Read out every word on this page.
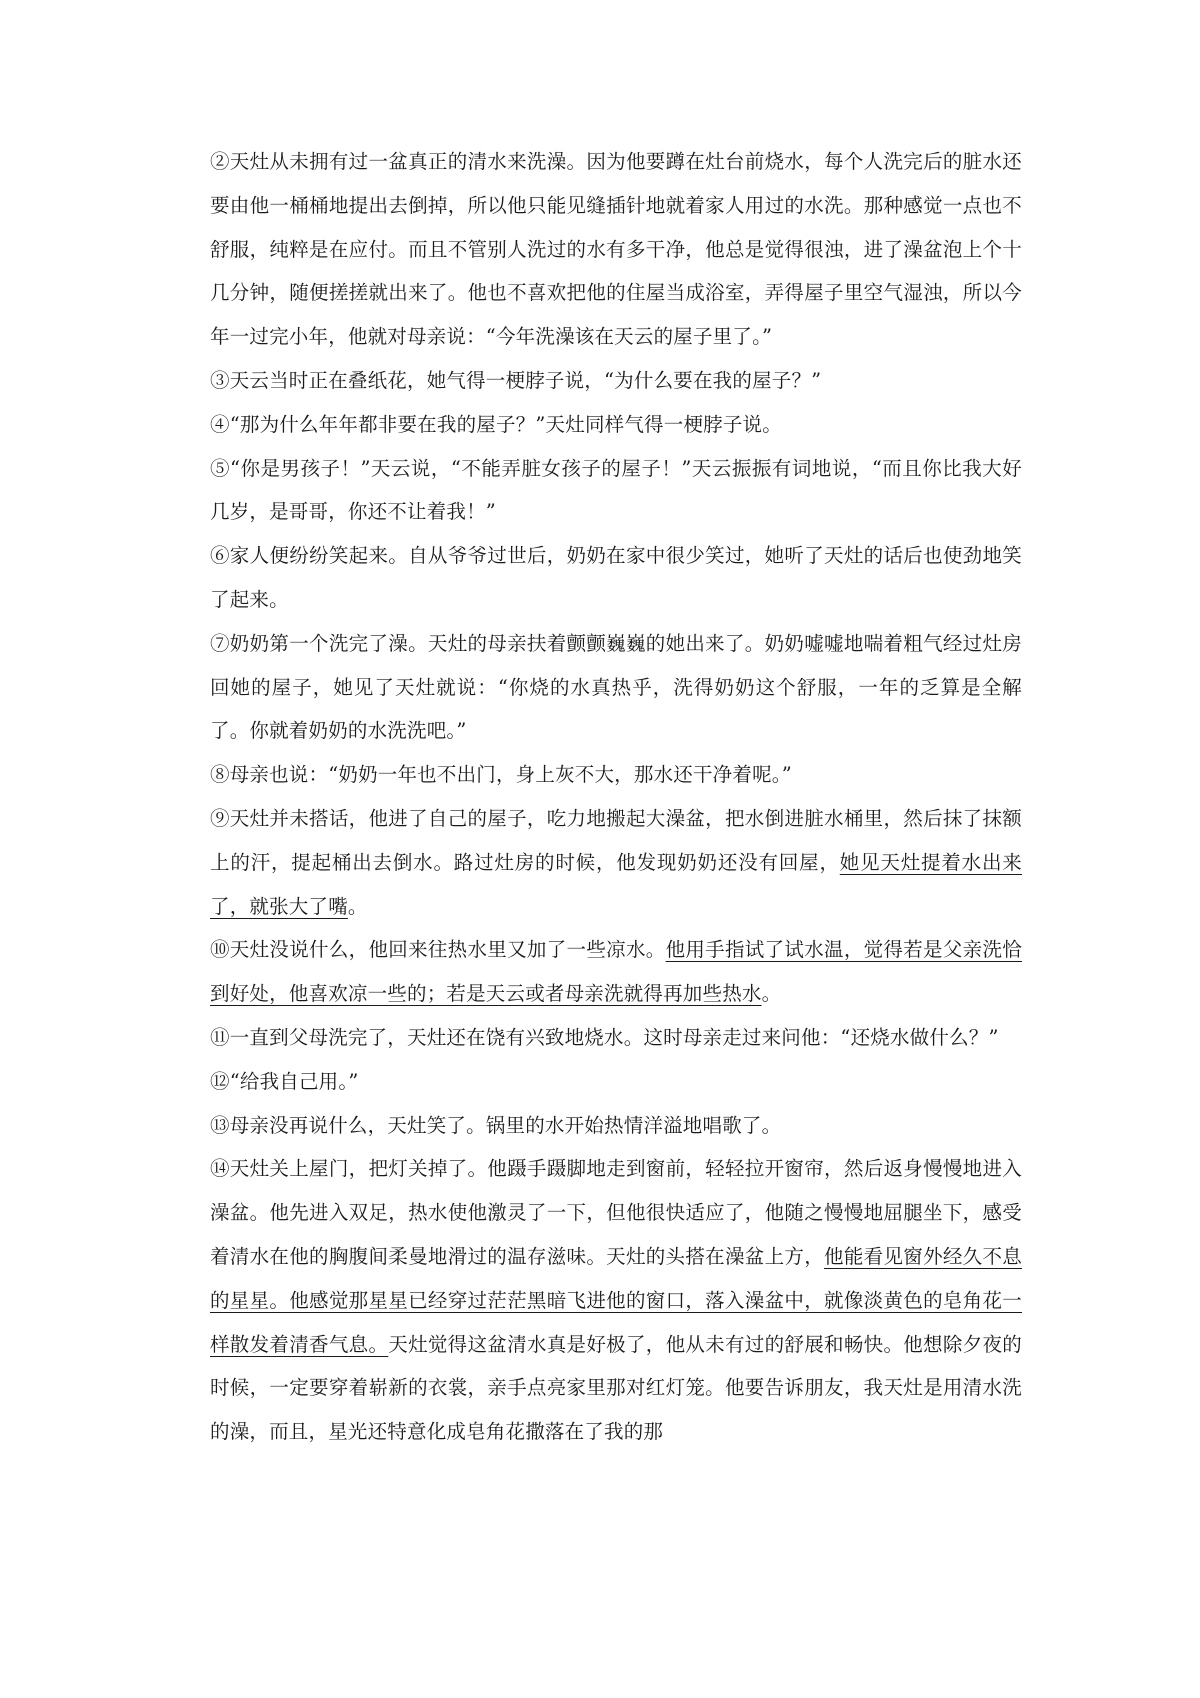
②天灶从未拥有过一盆真正的清水来洗澡。因为他要蹲在灶台前烧水，每个人洗完后的脏水还要由他一桶桶地提出去倒掉，所以他只能见缝插针地就着家人用过的水洗。那种感觉一点也不舒服，纯粹是在应付。而且不管别人洗过的水有多干净，他总是觉得很浊，进了澡盆泡上个十几分钟，随便搓搓就出来了。他也不喜欢把他的住屋当成浴室，弄得屋子里空气湿浊，所以今年一过完小年，他就对母亲说：“今年洗澡该在天云的屋子里了。”

③天云当时正在叠纸花，她气得一梗脖子说，“为什么要在我的屋子？”

④“那为什么年年都非要在我的屋子？”天灶同样气得一梗脖子说。

⑤“你是男孩子！”天云说，“不能弄脏女孩子的屋子！”天云振振有词地说，“而且你比我大好几岁，是哥哥，你还不让着我！”

⑥家人便纷纷笑起来。自从爷爷过世后，奶奶在家中很少笑过，她听了天灶的话后也使劲地笑了起来。

⑦奶奶第一个洗完了澡。天灶的母亲扶着颤颤巍巍的她出来了。奶奶嘘嘘地喘着粗气经过灶房回她的屋子，她见了天灶就说：“你烧的水真热乎，洗得奶奶这个舒服，一年的乏算是全解了。你就着奶奶的水洗洗吧。”

⑧母亲也说：“奶奶一年也不出门，身上灰不大，那水还干净着呢。”

⑨天灶并未搭话，他进了自己的屋子，吃力地搬起大澡盆，把水倒进脏水桶里，然后抹了抹额上的汗，提起桶出去倒水。路过灶房的时候，他发现奶奶还没有回屋，她见天灶提着水出来了，就张大了嘴。

⑩天灶没说什么，他回来往热水里又加了一些凉水。他用手指试了试水温，觉得若是父亲洗恰到好处，他喜欢凉一些的；若是天云或者母亲洗就得再加些热水。

⑪一直到父母洗完了，天灶还在饶有兴致地烧水。这时母亲走过来问他：“还烧水做什么？”

⑫“给我自己用。”

⑬母亲没再说什么，天灶笑了。锅里的水开始热情洋溢地唱歌了。

⑭天灶关上屋门，把灯关掉了。他蹑手蹑脚地走到窗前，轻轻拉开窗帘，然后返身慢慢地进入澡盆。他先进入双足，热水使他激灵了一下，但他很快适应了，他随之慢慢地屈腿坐下，感受着清水在他的胸腹间柔曼地滑过的温存滋味。天灶的头搭在澡盆上方，他能看见窗外经久不息的星星。他感觉那星星已经穿过茫茫黑暗飞进他的窗口，落入澡盆中，就像淡黄色的皂角花一样散发着清香气息。天灶觉得这盆清水真是好极了，他从未有过的舒展和畅快。他想除夕夜的时候，一定要穿着崭新的衣裳，亲手点亮家里那对红灯笼。他要告诉朋友，我天灶是用清水洗的澡，而且，星光还特意化成皂角花撒落在了我的那
